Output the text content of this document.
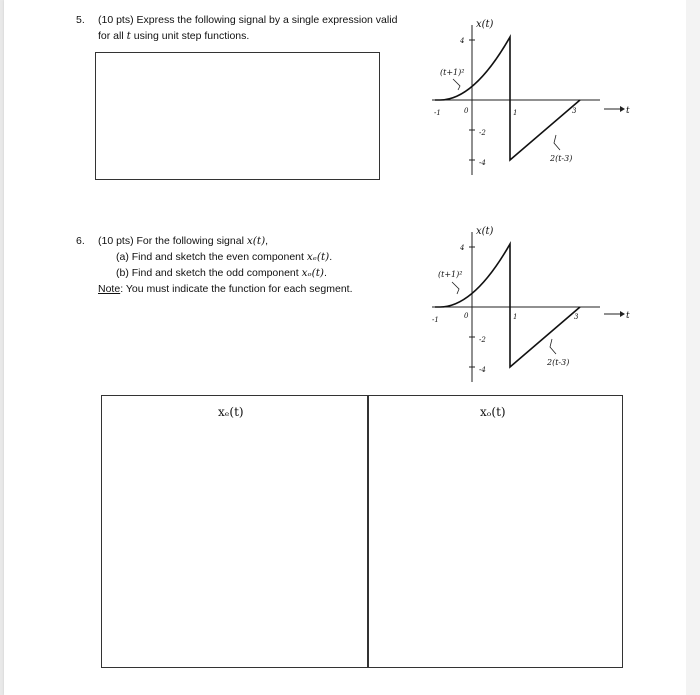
5. (10 pts) Express the following signal by a single expression valid
for all t using unit step functions.
t
4
-2
-4
-1	0	1	3
x(t)
(t+1)²
2(t-3)
6. (10 pts) For the following signal x(t),
(a) Find and sketch the even component xₑ(t).
(b) Find and sketch the odd component xₒ(t).
Note: You must indicate the function for each segment.
t
4
-2
-4
-1	0	1	3
x(t)
(t+1)²
2(t-3)
xₑ(t)	xₒ(t)
